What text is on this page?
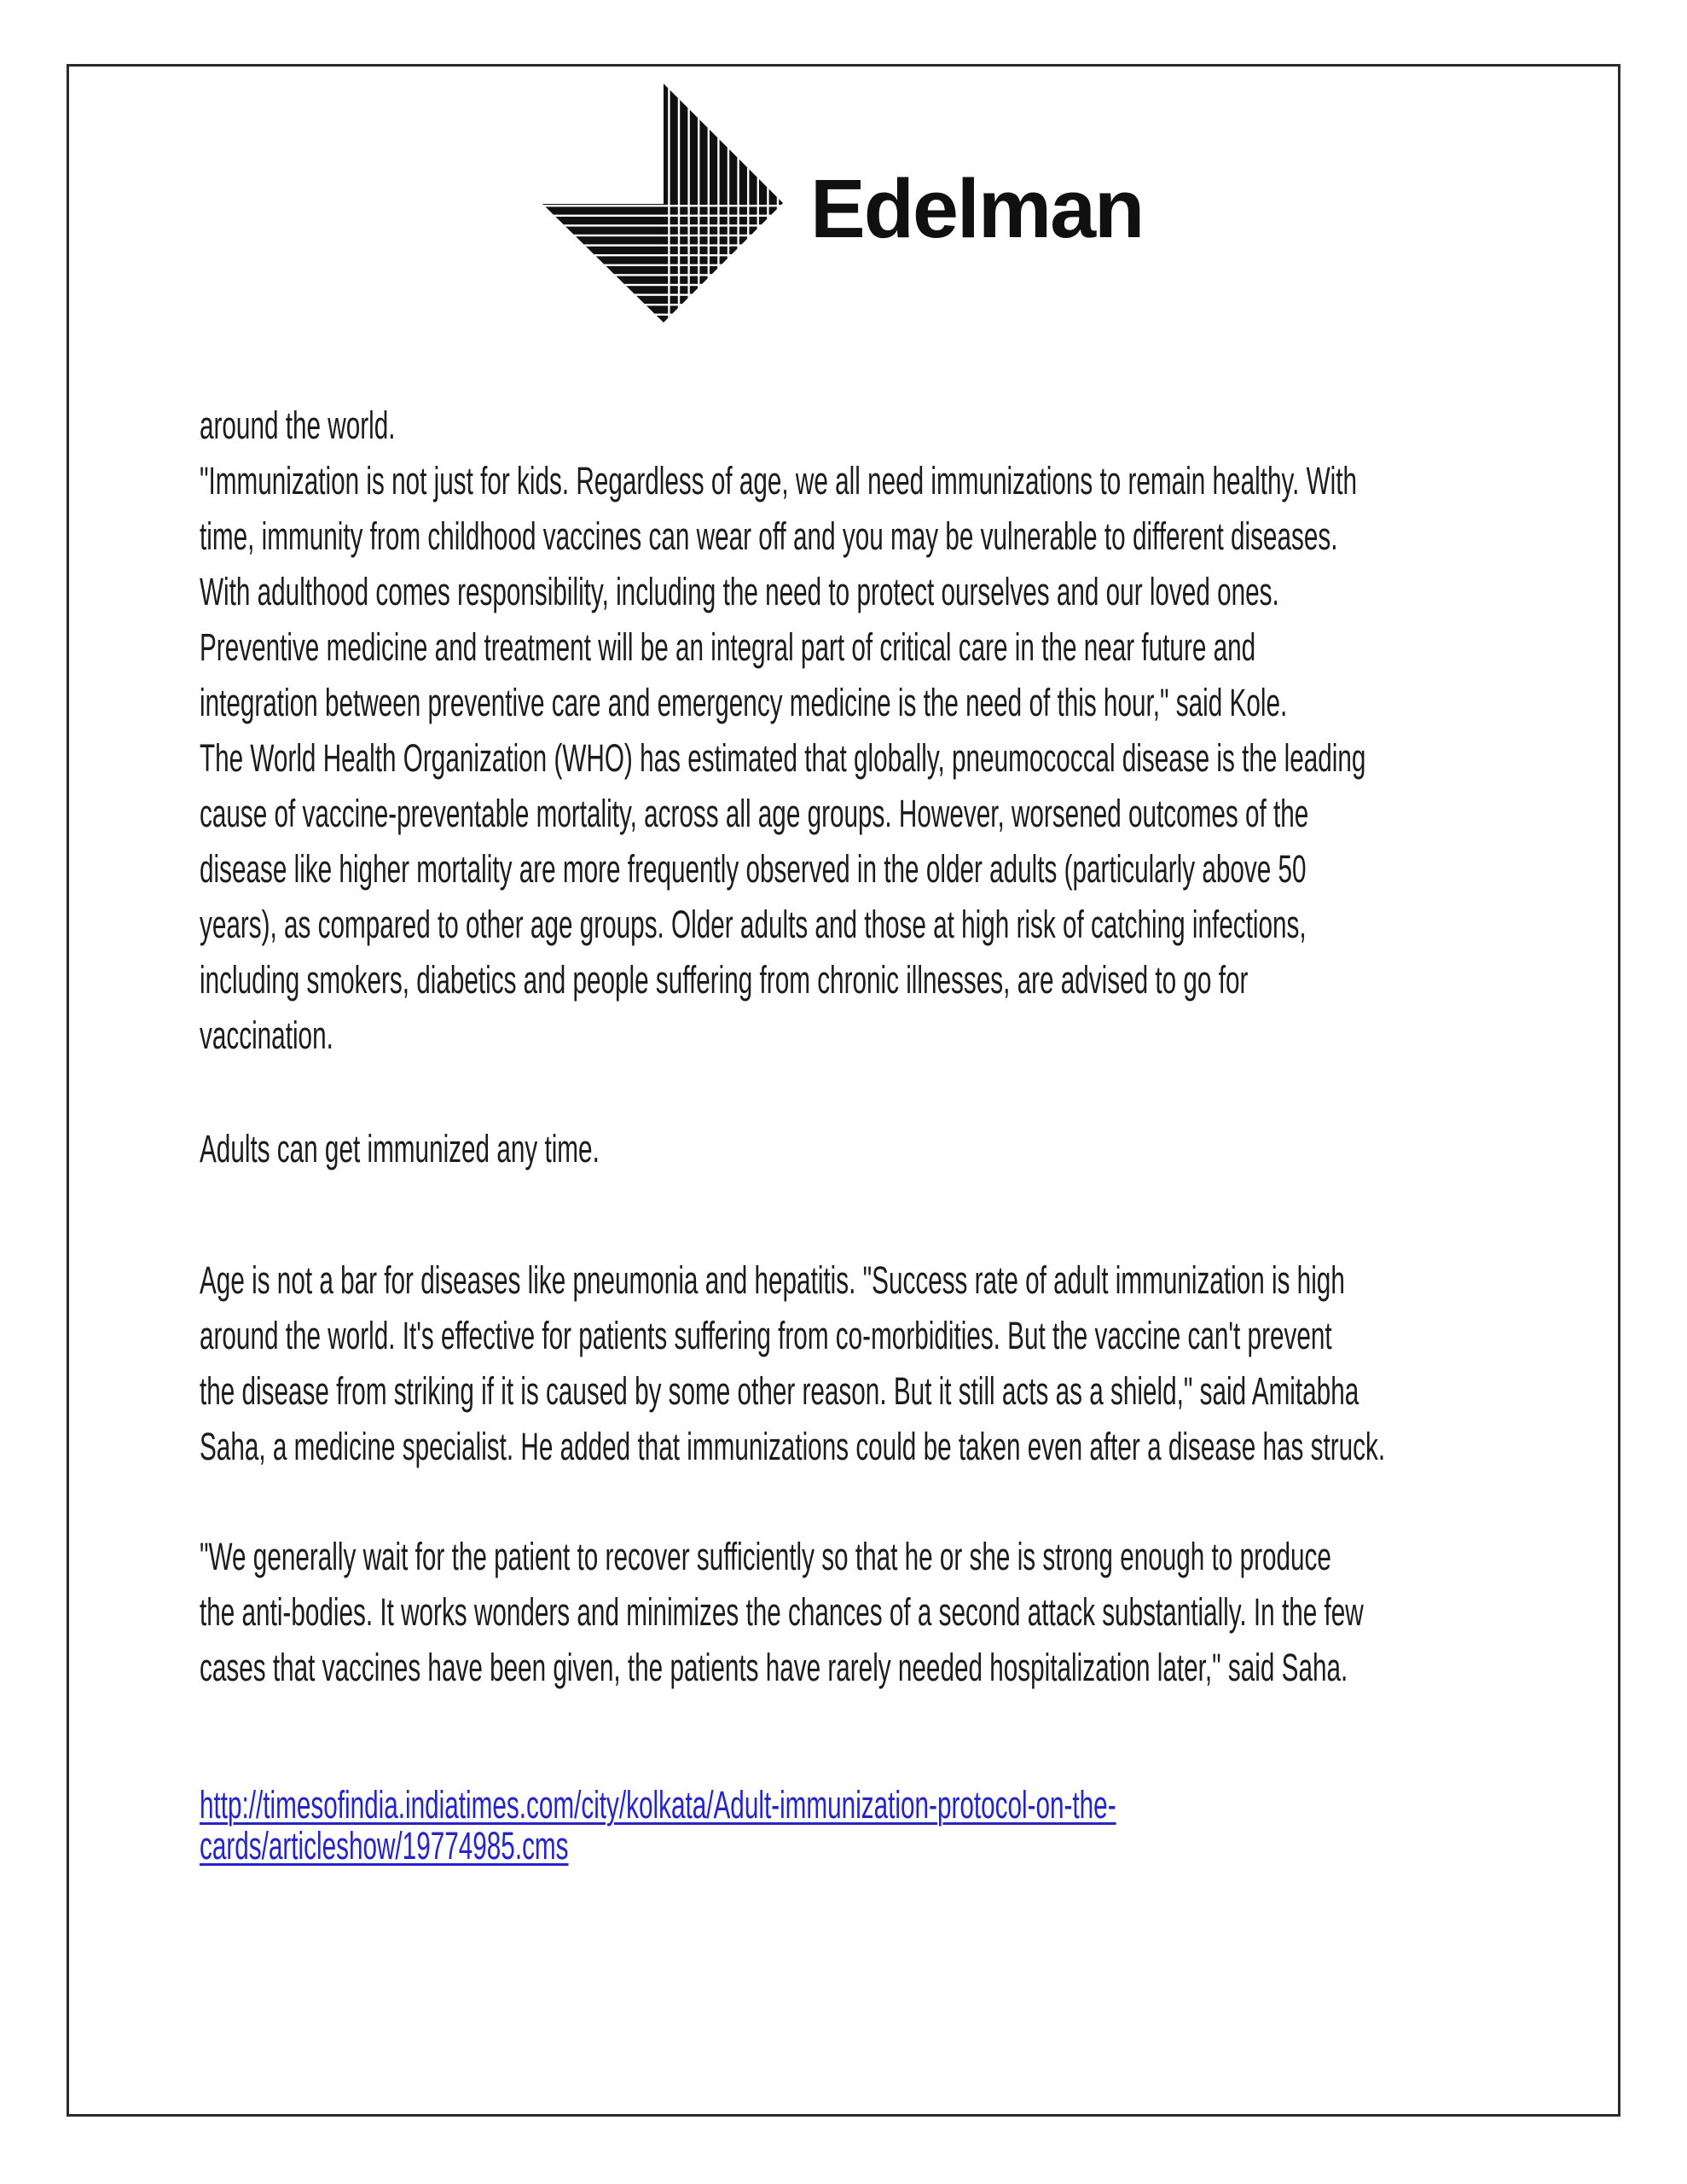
Edelman
around the world.
"Immunization is not just for kids. Regardless of age, we all need immunizations to remain healthy. With
time, immunity from childhood vaccines can wear off and you may be vulnerable to different diseases.
With adulthood comes responsibility, including the need to protect ourselves and our loved ones.
Preventive medicine and treatment will be an integral part of critical care in the near future and
integration between preventive care and emergency medicine is the need of this hour," said Kole.
The World Health Organization (WHO) has estimated that globally, pneumococcal disease is the leading
cause of vaccine-preventable mortality, across all age groups. However, worsened outcomes of the
disease like higher mortality are more frequently observed in the older adults (particularly above 50
years), as compared to other age groups. Older adults and those at high risk of catching infections,
including smokers, diabetics and people suffering from chronic illnesses, are advised to go for
vaccination.
Adults can get immunized any time.
Age is not a bar for diseases like pneumonia and hepatitis. "Success rate of adult immunization is high
around the world. It's effective for patients suffering from co-morbidities. But the vaccine can't prevent
the disease from striking if it is caused by some other reason. But it still acts as a shield," said Amitabha
Saha, a medicine specialist. He added that immunizations could be taken even after a disease has struck.
"We generally wait for the patient to recover sufficiently so that he or she is strong enough to produce
the anti-bodies. It works wonders and minimizes the chances of a second attack substantially. In the few
cases that vaccines have been given, the patients have rarely needed hospitalization later," said Saha.
http://timesofindia.indiatimes.com/city/kolkata/Adult-immunization-protocol-on-the-
cards/articleshow/19774985.cms
